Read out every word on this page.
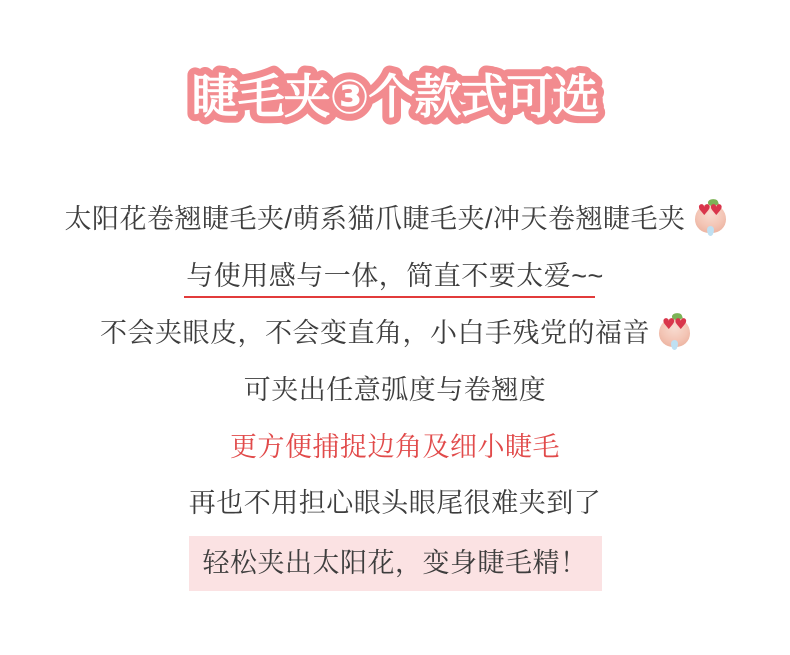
睫毛夹③个款式可选
太阳花卷翘睫毛夹/萌系猫爪睫毛夹/冲天卷翘睫毛夹
♥
♥
与使用感与一体，简直不要太爱~~
不会夹眼皮，不会变直角，小白手残党的福音
♥
♥
可夹出任意弧度与卷翘度
更方便捕捉边角及细小睫毛
再也不用担心眼头眼尾很难夹到了
轻松夹出太阳花，变身睫毛精！
